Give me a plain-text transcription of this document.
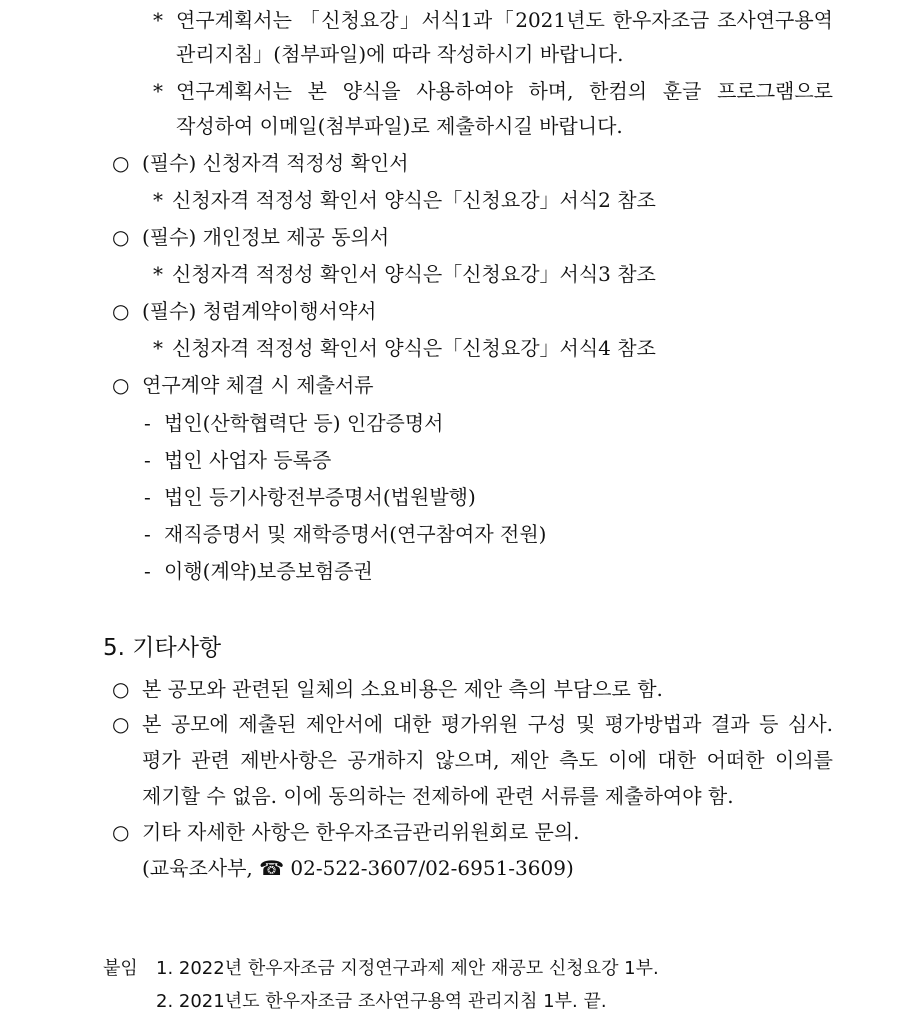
* 연구계획서는 「신청요강」서식1과「2021년도 한우자조금 조사연구용역
관리지침」(첨부파일)에 따라 작성하시기 바랍니다.
* 연구계획서는 본 양식을 사용하여야 하며, 한컴의 훈글 프로그램으로
작성하여 이메일(첨부파일)로 제출하시길 바랍니다.
○ (필수) 신청자격 적정성 확인서
* 신청자격 적정성 확인서 양식은「신청요강」서식2 참조
○ (필수) 개인정보 제공 동의서
* 신청자격 적정성 확인서 양식은「신청요강」서식3 참조
○ (필수) 청렴계약이행서약서
* 신청자격 적정성 확인서 양식은「신청요강」서식4 참조
○ 연구계약 체결 시 제출서류
- 법인(산학협력단 등) 인감증명서
- 법인 사업자 등록증
- 법인 등기사항전부증명서(법원발행)
- 재직증명서 및 재학증명서(연구참여자 전원)
- 이행(계약)보증보험증권
5. 기타사항
○ 본 공모와 관련된 일체의 소요비용은 제안 측의 부담으로 함.
○ 본 공모에 제출된 제안서에 대한 평가위원 구성 및 평가방법과 결과 등 심사.
평가 관련 제반사항은 공개하지 않으며, 제안 측도 이에 대한 어떠한 이의를
제기할 수 없음. 이에 동의하는 전제하에 관련 서류를 제출하여야 함.
○ 기타 자세한 사항은 한우자조금관리위원회로 문의.
(교육조사부, ☎ 02-522-3607/02-6951-3609)
붙임 1. 2022년 한우자조금 지정연구과제 제안 재공모 신청요강 1부.
2. 2021년도 한우자조금 조사연구용역 관리지침 1부. 끝.
